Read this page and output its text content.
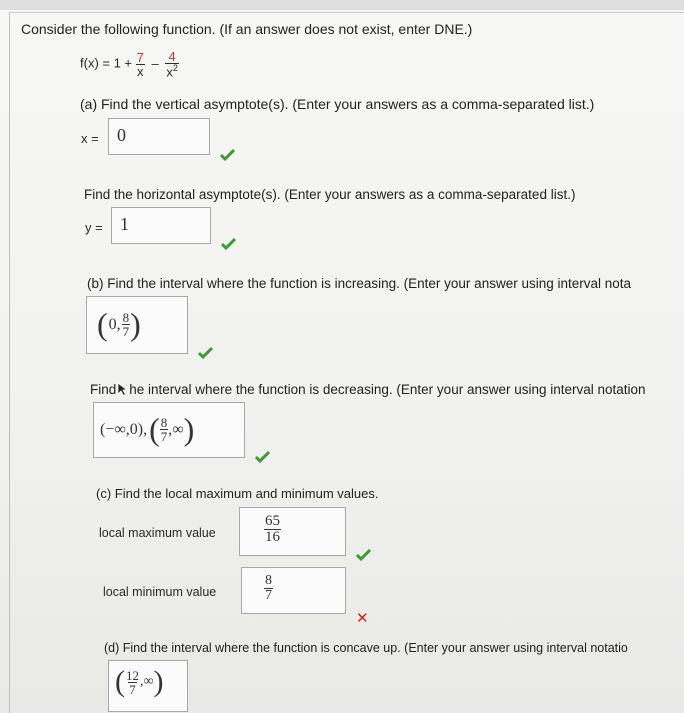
Consider the following function. (If an answer does not exist, enter DNE.)
$f(x) = 1 + \frac{7}{x} - \frac{4}{x^2}$
(a) Find the vertical asymptote(s). (Enter your answers as a comma-separated list.)
x = 0
Find the horizontal asymptote(s). (Enter your answers as a comma-separated list.)
y = 1
(b) Find the interval where the function is increasing. (Enter your answer using interval nota
( 0, $\frac{8}{7}$ )
Find he interval where the function is decreasing. (Enter your answer using interval notation
(−∞,0), ( $\frac{8}{7}$ ,∞ )
(c) Find the local maximum and minimum values.
local maximum value	$\frac{65}{16}$
local minimum value	$\frac{8}{7}$
✕
(d) Find the interval where the function is concave up. (Enter your answer using interval notatio
( $\frac{12}{7}$ ,∞ )
